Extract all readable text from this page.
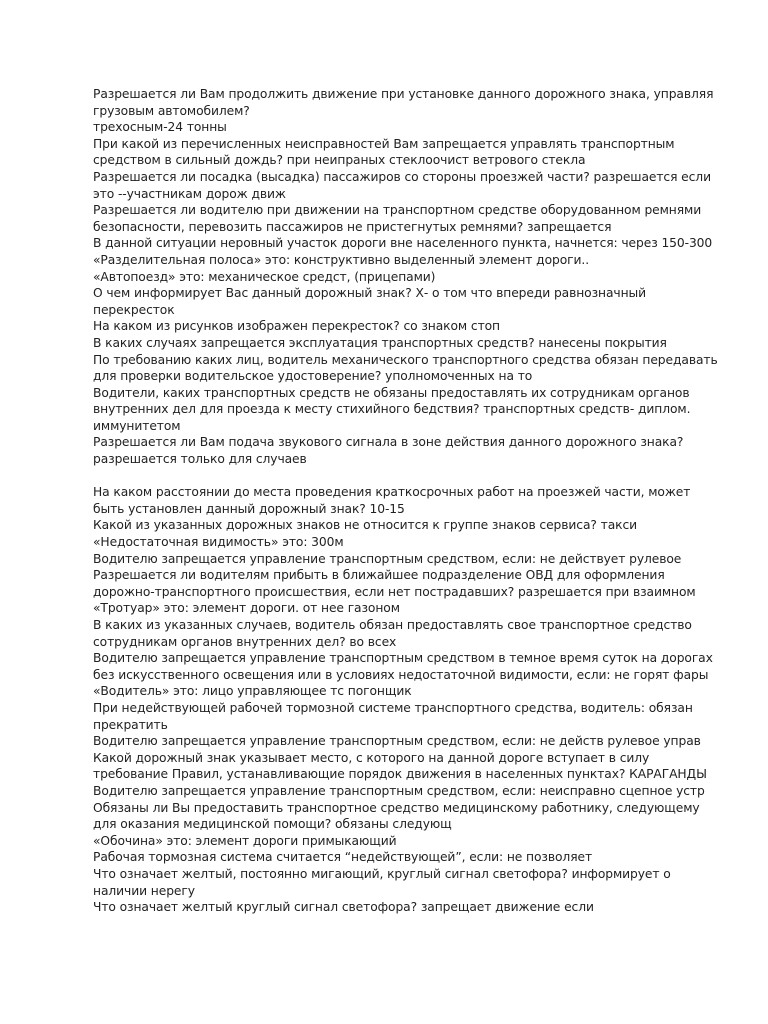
Разрешается ли Вам продолжить движение при установке данного дорожного знака, управляя

грузовым автомобилем?

трехосным-24 тонны

При какой из перечисленных неисправностей Вам запрещается управлять транспортным

средством в сильный дождь? при неипраных стеклоочист ветрового стекла

Разрешается ли посадка (высадка) пассажиров со стороны проезжей части? разрешается если

это --участникам дорож движ

Разрешается ли водителю при движении на транспортном средстве оборудованном ремнями

безопасности, перевозить пассажиров не пристегнутых ремнями? запрещается

В данной ситуации неровный участок дороги вне населенного пункта, начнется: через 150-300

«Разделительная полоса» это: конструктивно выделенный элемент дороги..

«Автопоезд» это: механическое средст, (прицепами)

О чем информирует Вас данный дорожный знак? Х- о том что впереди равнозначный

перекресток

На каком из рисунков изображен перекресток? со знаком стоп

В каких случаях запрещается эксплуатация транспортных средств? нанесены покрытия

По требованию каких лиц, водитель механического транспортного средства обязан передавать

для проверки водительское удостоверение? уполномоченных на то

Водители, каких транспортных средств не обязаны предоставлять их сотрудникам органов

внутренних дел для проезда к месту стихийного бедствия? транспортных средств- диплом.

иммунитетом

Разрешается ли Вам подача звукового сигнала в зоне действия данного дорожного знака?

разрешается только для случаев

На каком расстоянии до места проведения краткосрочных работ на проезжей части, может

быть установлен данный дорожный знак? 10-15

Какой из указанных дорожных знаков не относится к группе знаков сервиса? такси

«Недостаточная видимость» это: 300м

Водителю запрещается управление транспортным средством, если: не действует рулевое

Разрешается ли водителям прибыть в ближайшее подразделение ОВД для оформления

дорожно-транспортного происшествия, если нет пострадавших? разрешается при взаимном

«Тротуар» это: элемент дороги. от нее газоном

В каких из указанных случаев, водитель обязан предоставлять свое транспортное средство

сотрудникам органов внутренних дел? во всех

Водителю запрещается управление транспортным средством в темное время суток на дорогах

без искусственного освещения или в условиях недостаточной видимости, если: не горят фары

«Водитель» это: лицо управляющее тс погонщик

При недействующей рабочей тормозной системе транспортного средства, водитель: обязан

прекратить

Водителю запрещается управление транспортным средством, если: не действ рулевое управ

Какой дорожный знак указывает место, с которого на данной дороге вступает в силу

требование Правил, устанавливающие порядок движения в населенных пунктах? КАРАГАНДЫ

Водителю запрещается управление транспортным средством, если: неисправно сцепное устр

Обязаны ли Вы предоставить транспортное средство медицинскому работнику, следующему

для оказания медицинской помощи? обязаны следующ

«Обочина» это: элемент дороги примыкающий

Рабочая тормозная система считается “недействующей”, если: не позволяет

Что означает желтый, постоянно мигающий, круглый сигнал светофора? информирует о

наличии нерегу

Что означает желтый круглый сигнал светофора? запрещает движение если
